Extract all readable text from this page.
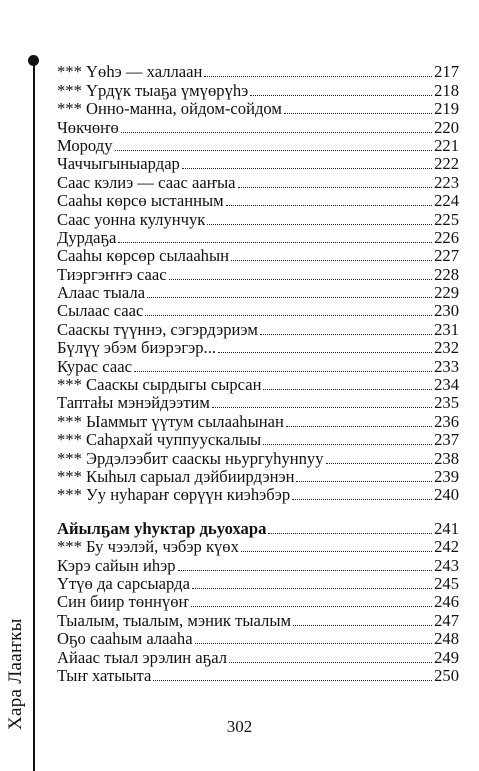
Хара Лааҥкы
*** Үөһэ — халлаан	217
*** Үрдүк тыаҕа үмүөрүһэ	218
*** Онно-манна, ойдом-сойдом	219
Чөкчөҥө	220
Мороду	221
Чаччыгыныардар	222
Саас кэлиэ — саас ааҥыа	223
Сааһы көрсө ыстанным	224
Саас уонна кулунчук	225
Дурдаҕа	226
Сааһы көрсөр сылааһын	227
Тиэргэҥҥэ саас	228
Алаас тыала	229
Сылаас саас	230
Сааскы түүннэ, сэгэрдэриэм	231
Бүлүү эбэм биэрэгэр...	232
Кураc саас	233
*** Сааскы сырдыгы сырсан	234
Таптаłы мэнэйдээтим	235
*** Ыаммыт үүтум сылааһынан	236
*** Саһархай чуппуускалыы	237
*** Эрдэлээбит сааскы ньургуһунnуу	238
*** Кыһыл сарыал дэйбиирдэнэн	239
*** Уу нуһараҥ сөрүүн киэһэбэр	240
Айылҕам уһуктар дьуохара	241
*** Бу чээлэй, чэбэр күөх	242
Кэрэ сайын иһэр	243
Үтүө да сарсыарда	245
Син биир төннүөҥ	246
Тыалым, тыалым, мэник тыалым	247
Оҕо сааһым алааһа	248
Айаас тыал эрэлин аҕал	249
Тыҥ хатыыта	250
302
